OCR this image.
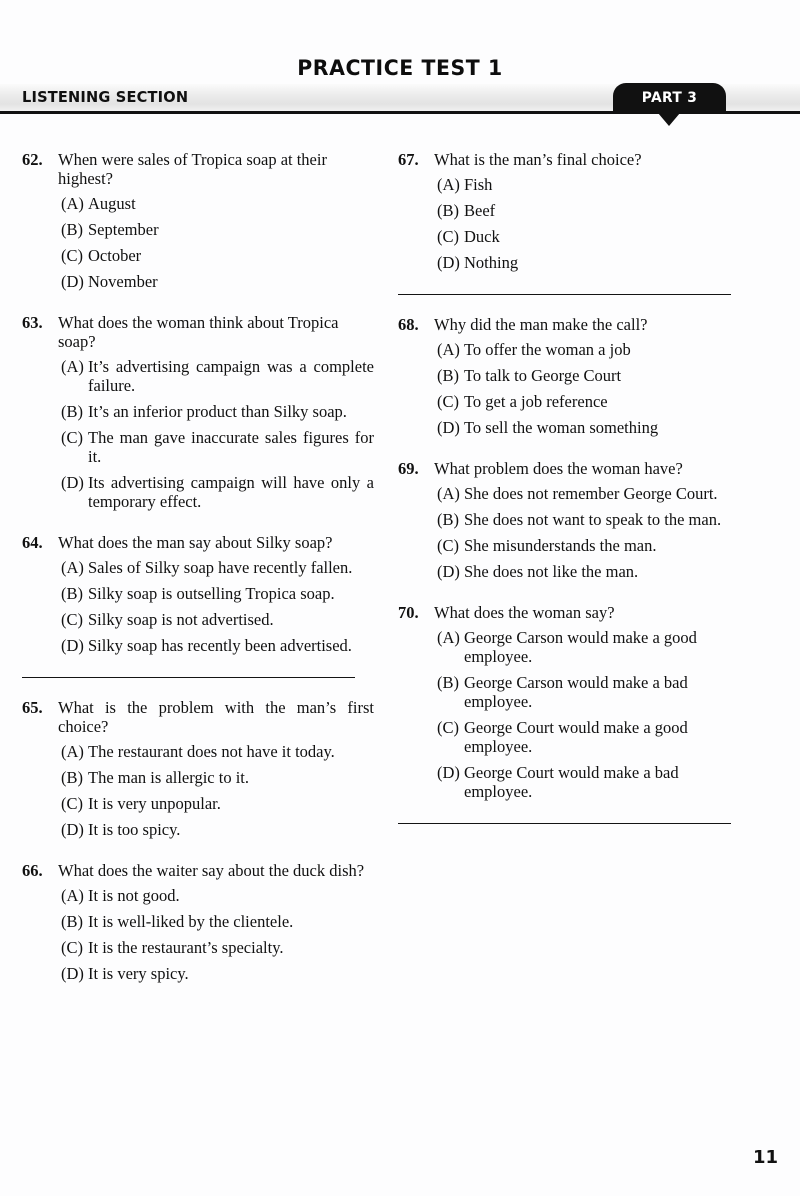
PRACTICE TEST 1
LISTENING SECTION	PART 3
62. When were sales of Tropica soap at their highest?
(A) August
(B) September
(C) October
(D) November
63. What does the woman think about Tropica soap?
(A) It’s advertising campaign was a complete failure.
(B) It’s an inferior product than Silky soap.
(C) The man gave inaccurate sales figures for it.
(D) Its advertising campaign will have only a temporary effect.
64. What does the man say about Silky soap?
(A) Sales of Silky soap have recently fallen.
(B) Silky soap is outselling Tropica soap.
(C) Silky soap is not advertised.
(D) Silky soap has recently been advertised.
65. What is the problem with the man’s first choice?
(A) The restaurant does not have it today.
(B) The man is allergic to it.
(C) It is very unpopular.
(D) It is too spicy.
66. What does the waiter say about the duck dish?
(A) It is not good.
(B) It is well-liked by the clientele.
(C) It is the restaurant’s specialty.
(D) It is very spicy.
67. What is the man’s final choice?
(A) Fish
(B) Beef
(C) Duck
(D) Nothing
68. Why did the man make the call?
(A) To offer the woman a job
(B) To talk to George Court
(C) To get a job reference
(D) To sell the woman something
69. What problem does the woman have?
(A) She does not remember George Court.
(B) She does not want to speak to the man.
(C) She misunderstands the man.
(D) She does not like the man.
70. What does the woman say?
(A) George Carson would make a good employee.
(B) George Carson would make a bad employee.
(C) George Court would make a good employee.
(D) George Court would make a bad employee.
11
